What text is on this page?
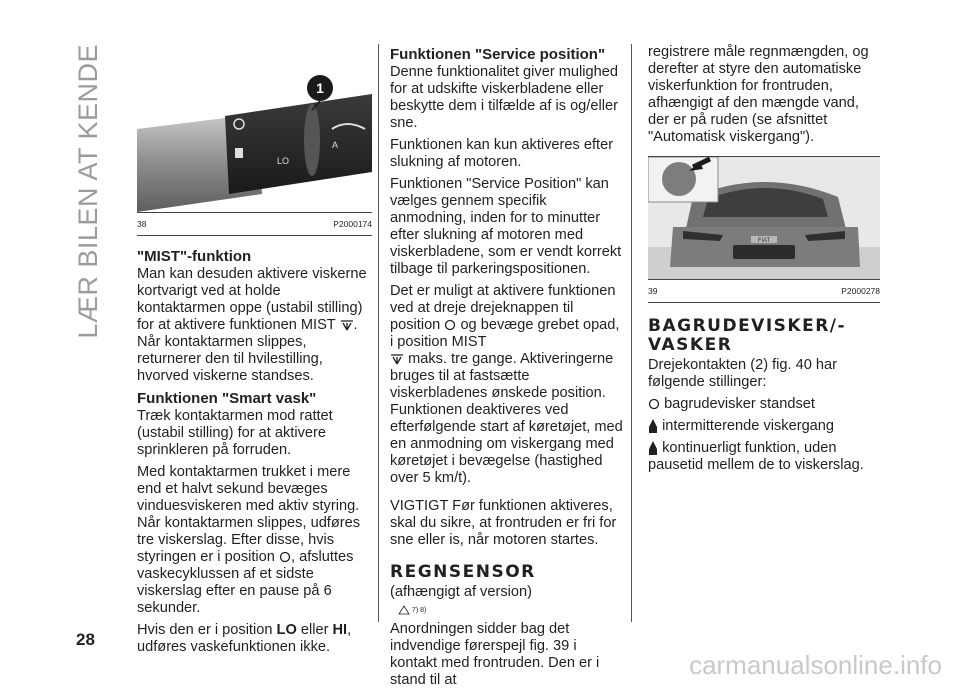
LÆR BILEN AT KENDE	LO
A
1
38	P2000174
"MIST"-funktion

Man kan desuden aktivere viskerne kortvarigt ved at holde kontaktarmen oppe (ustabil stilling) for at aktivere funktionen MIST . Når kontaktarmen slippes, returnerer den til hvilestilling, hvorved viskerne standses.

Funktionen "Smart vask"

Træk kontaktarmen mod rattet (ustabil stilling) for at aktivere sprinkleren på forruden.

Med kontaktarmen trukket i mere end et halvt sekund bevæges vinduesviskeren med aktiv styring. Når kontaktarmen slippes, udføres tre viskerslag. Efter disse, hvis styringen er i position , afsluttes vaskecyklussen af et sidste viskerslag efter en pause på 6 sekunder.

Hvis den er i position LO eller HI, udføres vaskefunktionen ikke.

Funktionen "Service position"

Denne funktionalitet giver mulighed for at udskifte viskerbladene eller beskytte dem i tilfælde af is og/eller sne.

Funktionen kan kun aktiveres efter slukning af motoren.

Funktionen "Service Position" kan vælges gennem specifik anmodning, inden for to minutter efter slukning af motoren med viskerbladene, som er vendt korrekt tilbage til parkeringspositionen.

Det er muligt at aktivere funktionen ved at dreje drejeknappen til position og bevæge grebet opad, i position MIST
maks. tre gange. Aktiveringerne bruges til at fastsætte viskerbladenes ønskede position. Funktionen deaktiveres ved efterfølgende start af køretøjet, med en anmodning om viskergang med køretøjet i bevægelse (hastighed over 5 km/t).

VIGTIGT Før funktionen aktiveres, skal du sikre, at frontruden er fri for sne eller is, når motoren startes.

REGNSENSOR

(afhængigt af version)

7) 8)

Anordningen sidder bag det indvendige førerspejl fig. 39 i kontakt med frontruden. Den er i stand til at

registrere måle regnmængden, og derefter at styre den automatiske viskerfunktion for frontruden, afhængigt af den mængde vand, der er på ruden (se afsnittet "Automatisk viskergang").

FIAT
39	P2000278
BAGRUDEVISKER/-VASKER

Drejekontakten (2) fig. 40 har følgende stillinger:

bagrudevisker standset

intermitterende viskergang

kontinuerligt funktion, uden pausetid mellem de to viskerslag.

28
carmanualsonline.info
